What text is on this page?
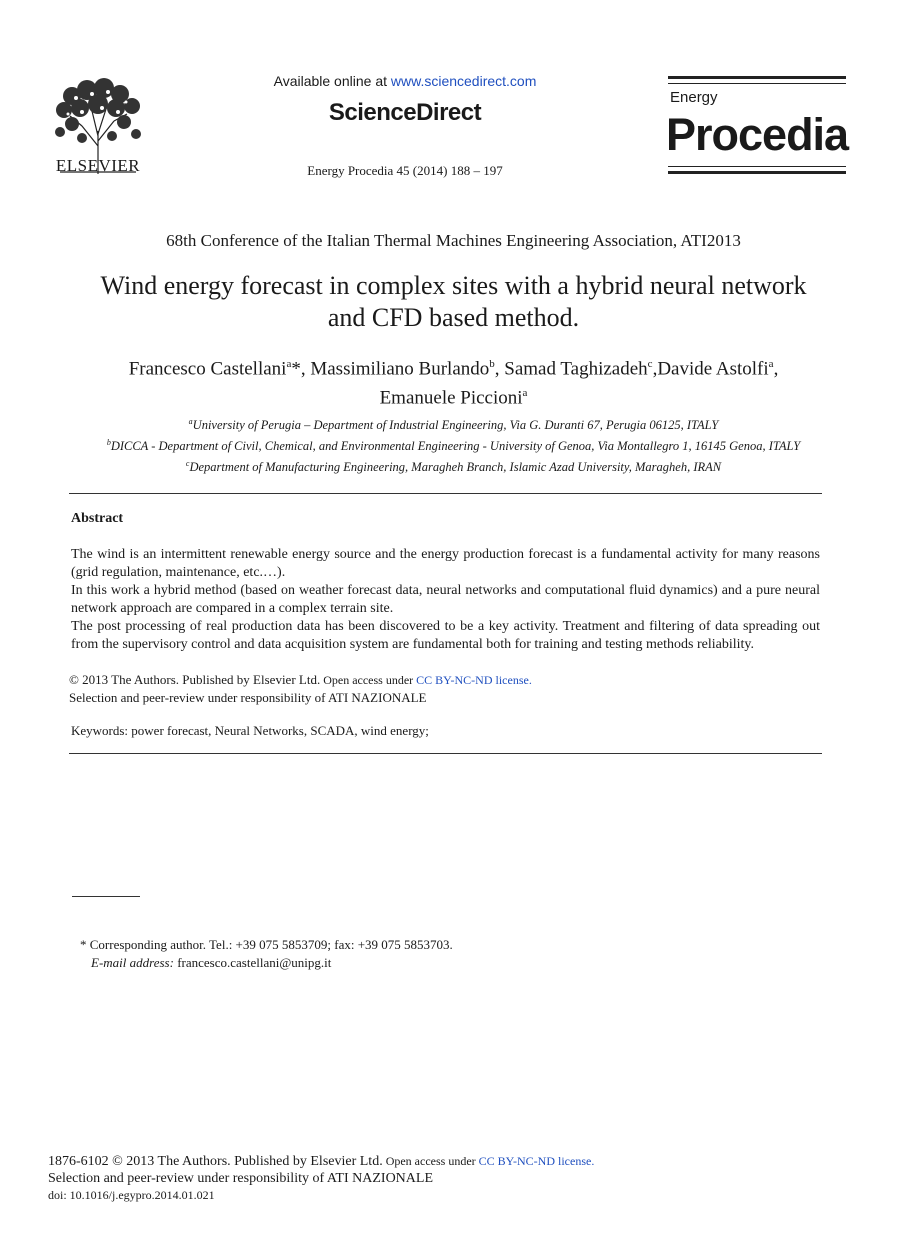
ELSEVIER
Available online at www.sciencedirect.com
ScienceDirect
Energy Procedia 45 (2014) 188 – 197
Energy
Procedia
68th Conference of the Italian Thermal Machines Engineering Association, ATI2013
Wind energy forecast in complex sites with a hybrid neural network
and CFD based method.
Francesco Castellani$^a$*, Massimiliano Burlando$^b$, Samad Taghizadeh$^c$,Davide Astolfi$^a$,
Emanuele Piccioni$^a$
$^a$University of Perugia – Department of Industrial Engineering, Via G. Duranti 67, Perugia 06125, ITALY
$^b$DICCA - Department of Civil, Chemical, and Environmental Engineering - University of Genoa, Via Montallegro 1, 16145 Genoa, ITALY
$^c$Department of Manufacturing Engineering, Maragheh Branch, Islamic Azad University, Maragheh, IRAN
Abstract

The wind is an intermittent renewable energy source and the energy production forecast is a fundamental activity for many reasons (grid regulation, maintenance, etc.…).

In this work a hybrid method (based on weather forecast data, neural networks and computational fluid dynamics) and a pure neural network approach are compared in a complex terrain site.

The post processing of real production data has been discovered to be a key activity. Treatment and filtering of data spreading out from the supervisory control and data acquisition system are fundamental both for training and testing methods reliability.

© 2013 The Authors. Published by Elsevier Ltd. Open access under CC BY-NC-ND license.
Selection and peer-review under responsibility of ATI NAZIONALE
Keywords: power forecast, Neural Networks, SCADA, wind energy;
* Corresponding author. Tel.: +39 075 5853709; fax: +39 075 5853703.
E-mail address: francesco.castellani@unipg.it
1876-6102 © 2013 The Authors. Published by Elsevier Ltd. Open access under CC BY-NC-ND license.
Selection and peer-review under responsibility of ATI NAZIONALE
doi: 10.1016/j.egypro.2014.01.021
